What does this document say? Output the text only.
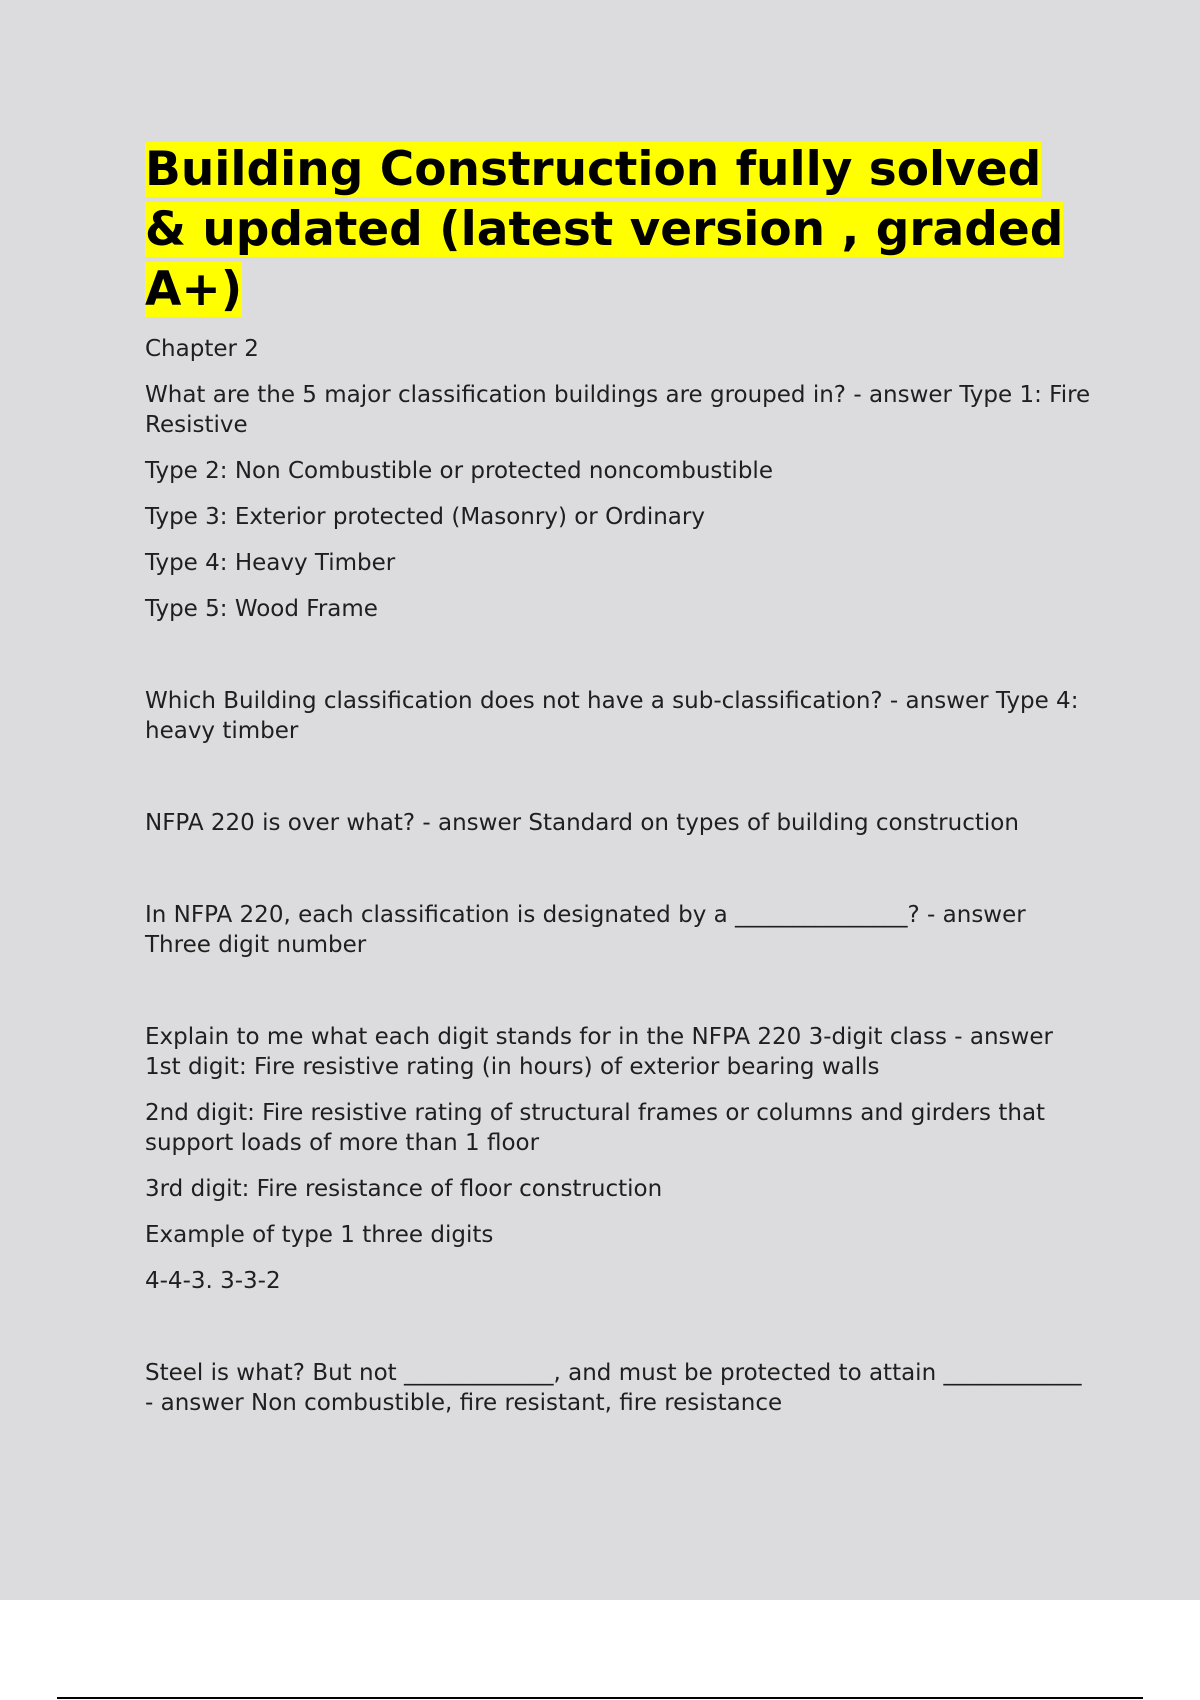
Building Construction fully solved & updated (latest version , graded A+)

Chapter 2

What are the 5 major classification buildings are grouped in? - answer Type 1: Fire Resistive

Type 2: Non Combustible or protected noncombustible

Type 3: Exterior protected (Masonry) or Ordinary

Type 4: Heavy Timber

Type 5: Wood Frame

Which Building classification does not have a sub-classification? - answer Type 4: heavy timber

NFPA 220 is over what? - answer Standard on types of building construction

In NFPA 220, each classification is designated by a _______________? - answer Three digit number

Explain to me what each digit stands for in the NFPA 220 3-digit class - answer 1st digit: Fire resistive rating (in hours) of exterior bearing walls

2nd digit: Fire resistive rating of structural frames or columns and girders that support loads of more than 1 floor

3rd digit: Fire resistance of floor construction

Example of type 1 three digits

4-4-3. 3-3-2

Steel is what? But not _____________, and must be protected to attain ____________ - answer Non combustible, fire resistant, fire resistance
